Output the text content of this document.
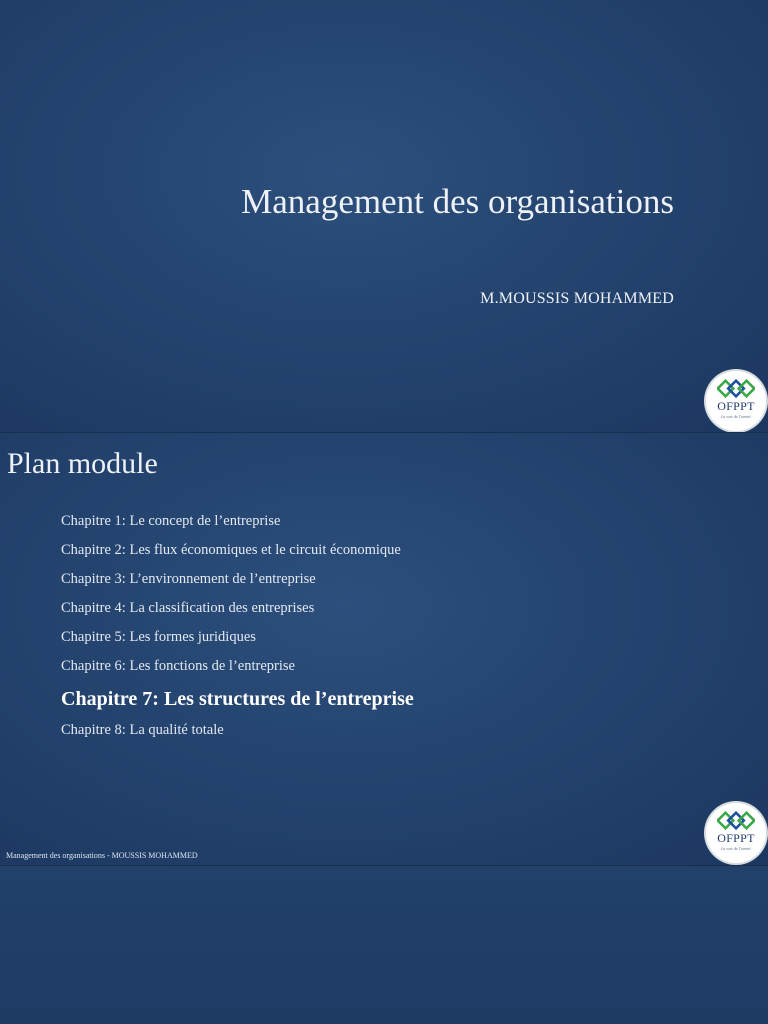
Management des organisations
M.MOUSSIS MOHAMMED
OFPPT
La voie de l'avenir
Plan module
Chapitre 1: Le concept de l’entreprise
Chapitre 2: Les flux économiques et le circuit économique
Chapitre 3: L’environnement de l’entreprise
Chapitre 4: La classification des entreprises
Chapitre 5: Les formes juridiques
Chapitre 6: Les fonctions de l’entreprise
Chapitre 7: Les structures de l’entreprise
Chapitre 8: La qualité totale
Management des organisations - MOUSSIS MOHAMMED
OFPPT
La voie de l'avenir
